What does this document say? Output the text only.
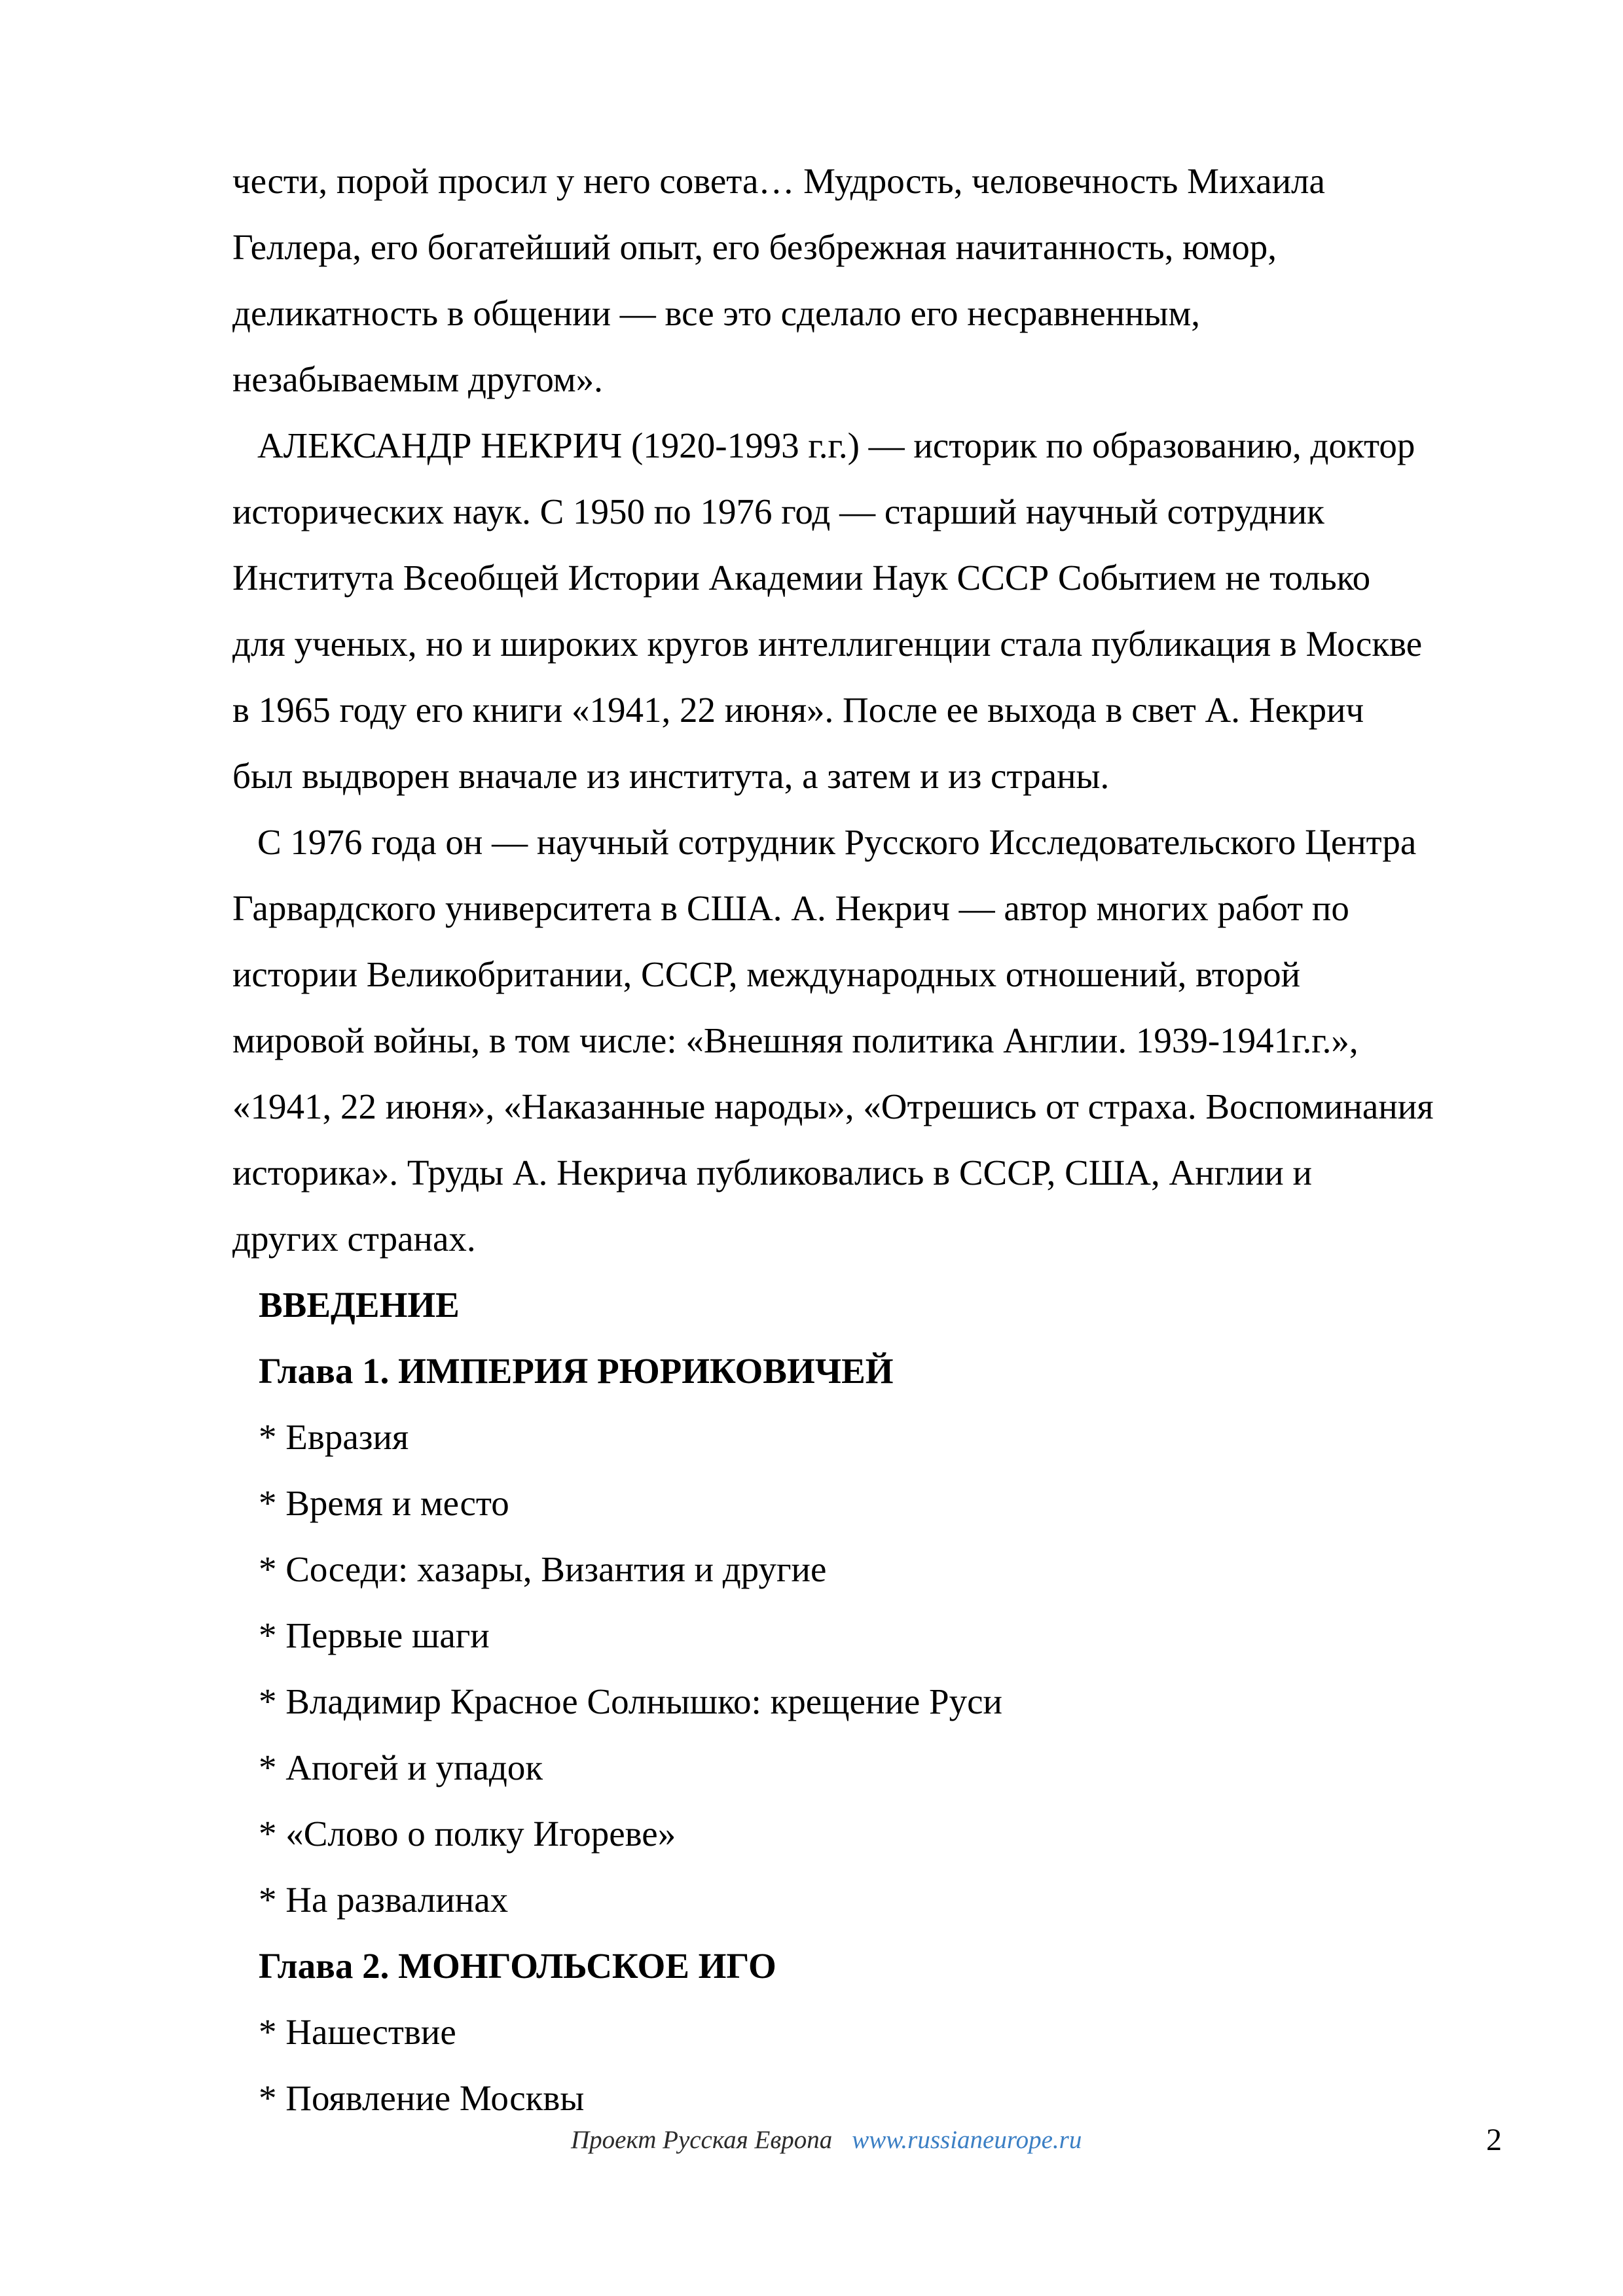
чести, порой просил у него совета… Мудрость, человечность Михаила
Геллера, его богатейший опыт, его безбрежная начитанность, юмор,
деликатность в общении — все это сделало его несравненным,
незабываемым другом».
АЛЕКСАНДР НЕКРИЧ (1920-1993 г.г.) — историк по образованию, доктор
исторических наук. С 1950 по 1976 год — старший научный сотрудник
Института Всеобщей Истории Академии Наук СССР Событием не только
для ученых, но и широких кругов интеллигенции стала публикация в Москве
в 1965 году его книги «1941, 22 июня». После ее выхода в свет А. Некрич
был выдворен вначале из института, а затем и из страны.
С 1976 года он — научный сотрудник Русского Исследовательского Центра
Гарвардского университета в США. А. Некрич — автор многих работ по
истории Великобритании, СССР, международных отношений, второй
мировой войны, в том числе: «Внешняя политика Англии. 1939-1941г.г.»,
«1941, 22 июня», «Наказанные народы», «Отрешись от страха. Воспоминания
историка». Труды А. Некрича публиковались в СССР, США, Англии и
других странах.
ВВЕДЕНИЕ
Глава 1. ИМПЕРИЯ РЮРИКОВИЧЕЙ
* Евразия
* Время и место
* Соседи: хазары, Византия и другие
* Первые шаги
* Владимир Красное Солнышко: крещение Руси
* Апогей и упадок
* «Слово о полку Игореве»
* На развалинах
Глава 2. МОНГОЛЬСКОЕ ИГО
* Нашествие
* Появление Москвы
Проект Русская Европа www.russianeurope.ru	2
